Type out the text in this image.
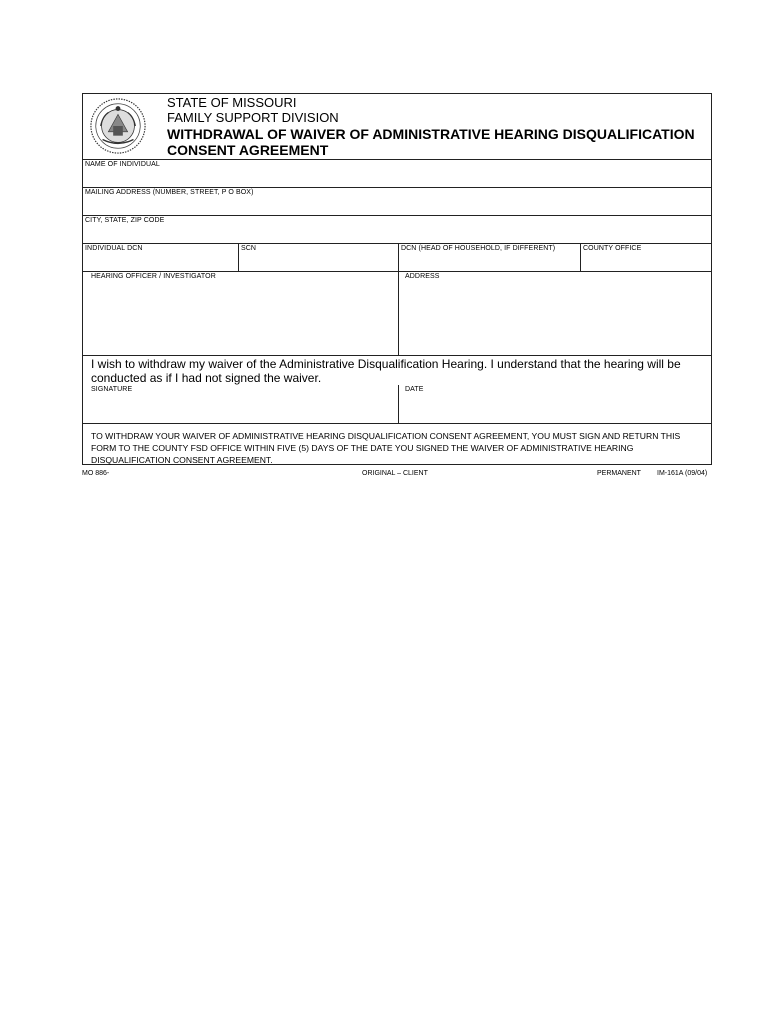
STATE OF MISSOURI
FAMILY SUPPORT DIVISION
WITHDRAWAL OF WAIVER OF ADMINISTRATIVE HEARING DISQUALIFICATION
CONSENT AGREEMENT
NAME OF INDIVIDUAL
MAILING ADDRESS (NUMBER, STREET, P O BOX)
CITY, STATE, ZIP CODE
INDIVIDUAL DCN	SCN	DCN (HEAD OF HOUSEHOLD, IF DIFFERENT)	COUNTY OFFICE
HEARING OFFICER / INVESTIGATOR	ADDRESS
I wish to withdraw my waiver of the Administrative Disqualification Hearing. I understand that the hearing will be conducted as if I had not signed the waiver.
SIGNATURE	DATE
TO WITHDRAW YOUR WAIVER OF ADMINISTRATIVE HEARING DISQUALIFICATION CONSENT AGREEMENT, YOU MUST SIGN AND RETURN THIS FORM TO THE COUNTY FSD OFFICE WITHIN FIVE (5) DAYS OF THE DATE YOU SIGNED THE WAIVER OF ADMINISTRATIVE HEARING DISQUALIFICATION CONSENT AGREEMENT.
MO 886-	ORIGINAL – CLIENT	PERMANENT IM-161A (09/04)
